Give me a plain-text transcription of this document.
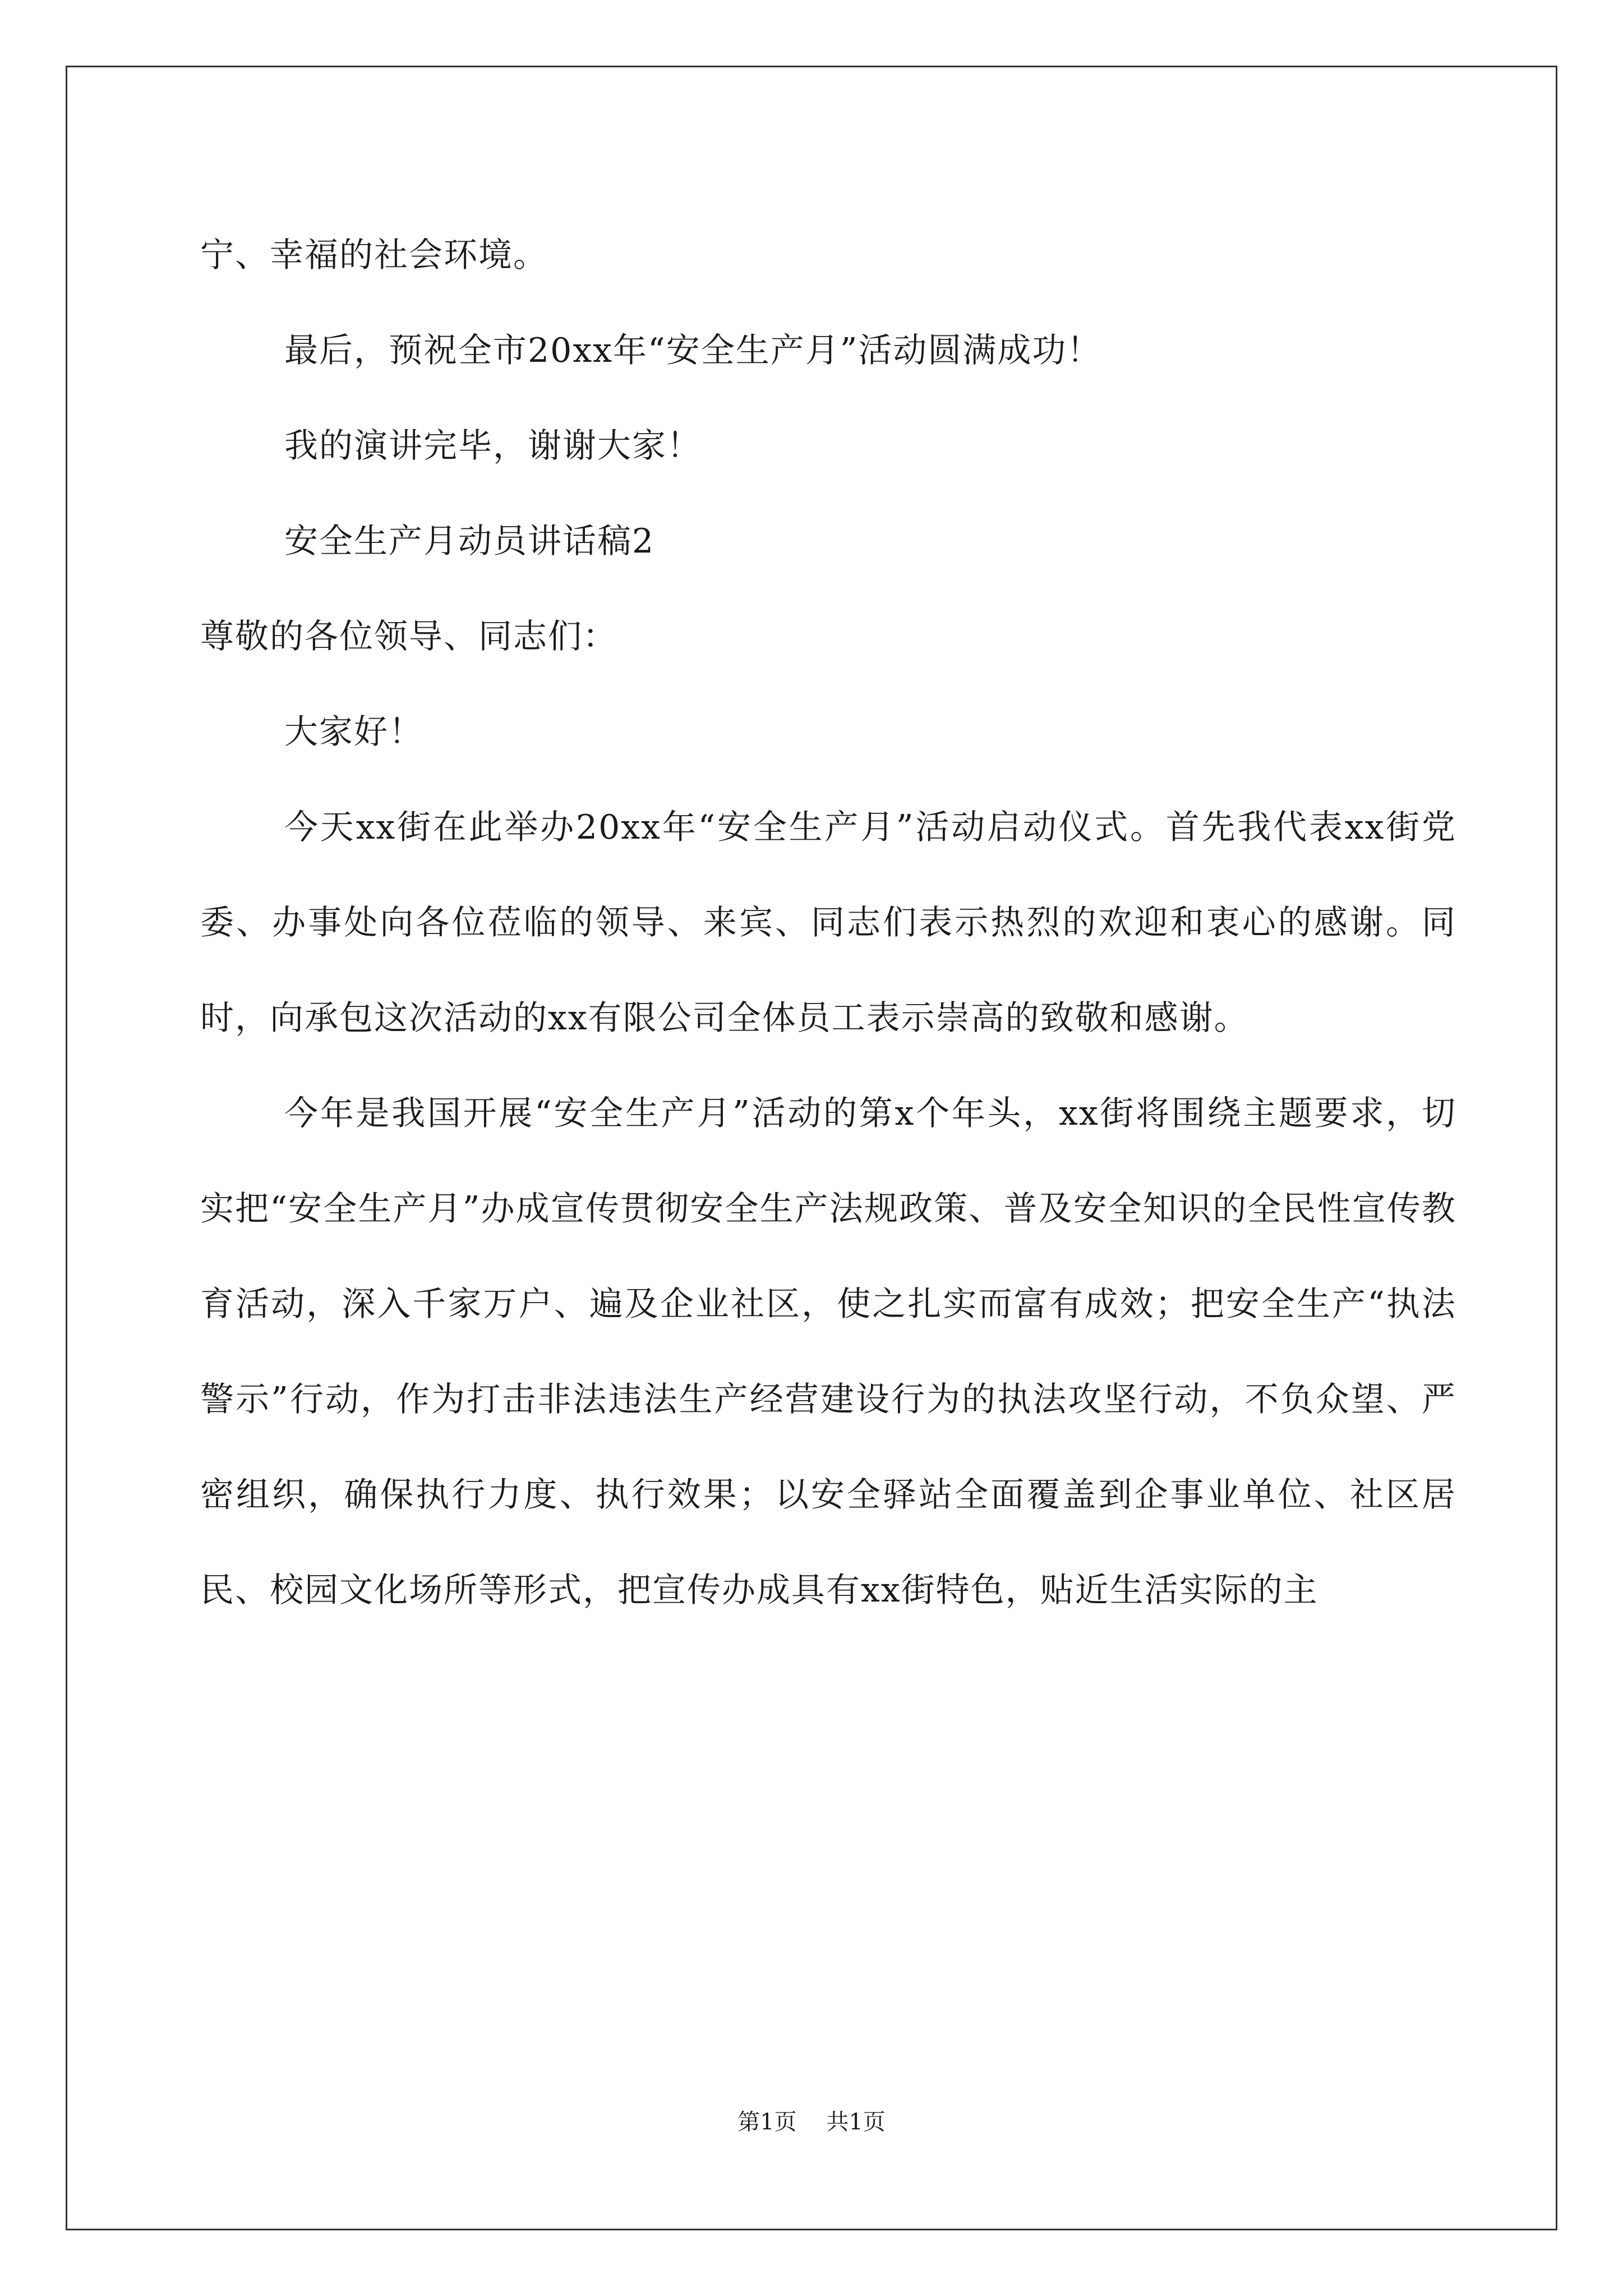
宁、幸福的社会环境。

最后，预祝全市20xx年“安全生产月”活动圆满成功！

我的演讲完毕，谢谢大家！

安全生产月动员讲话稿2

尊敬的各位领导、同志们：

大家好！

今天xx街在此举办20xx年“安全生产月”活动启动仪式。首先我代表xx街党委、办事处向各位莅临的领导、来宾、同志们表示热烈的欢迎和衷心的感谢。同时，向承包这次活动的xx有限公司全体员工表示崇高的致敬和感谢。

今年是我国开展“安全生产月”活动的第x个年头，xx街将围绕主题要求，切实把“安全生产月”办成宣传贯彻安全生产法规政策、普及安全知识的全民性宣传教育活动，深入千家万户、遍及企业社区，使之扎实而富有成效；把安全生产“执法警示”行动，作为打击非法违法生产经营建设行为的执法攻坚行动，不负众望、严密组织，确保执行力度、执行效果；以安全驿站全面覆盖到企事业单位、社区居民、校园文化场所等形式，把宣传办成具有xx街特色，贴近生活实际的主

第1页 共1页
